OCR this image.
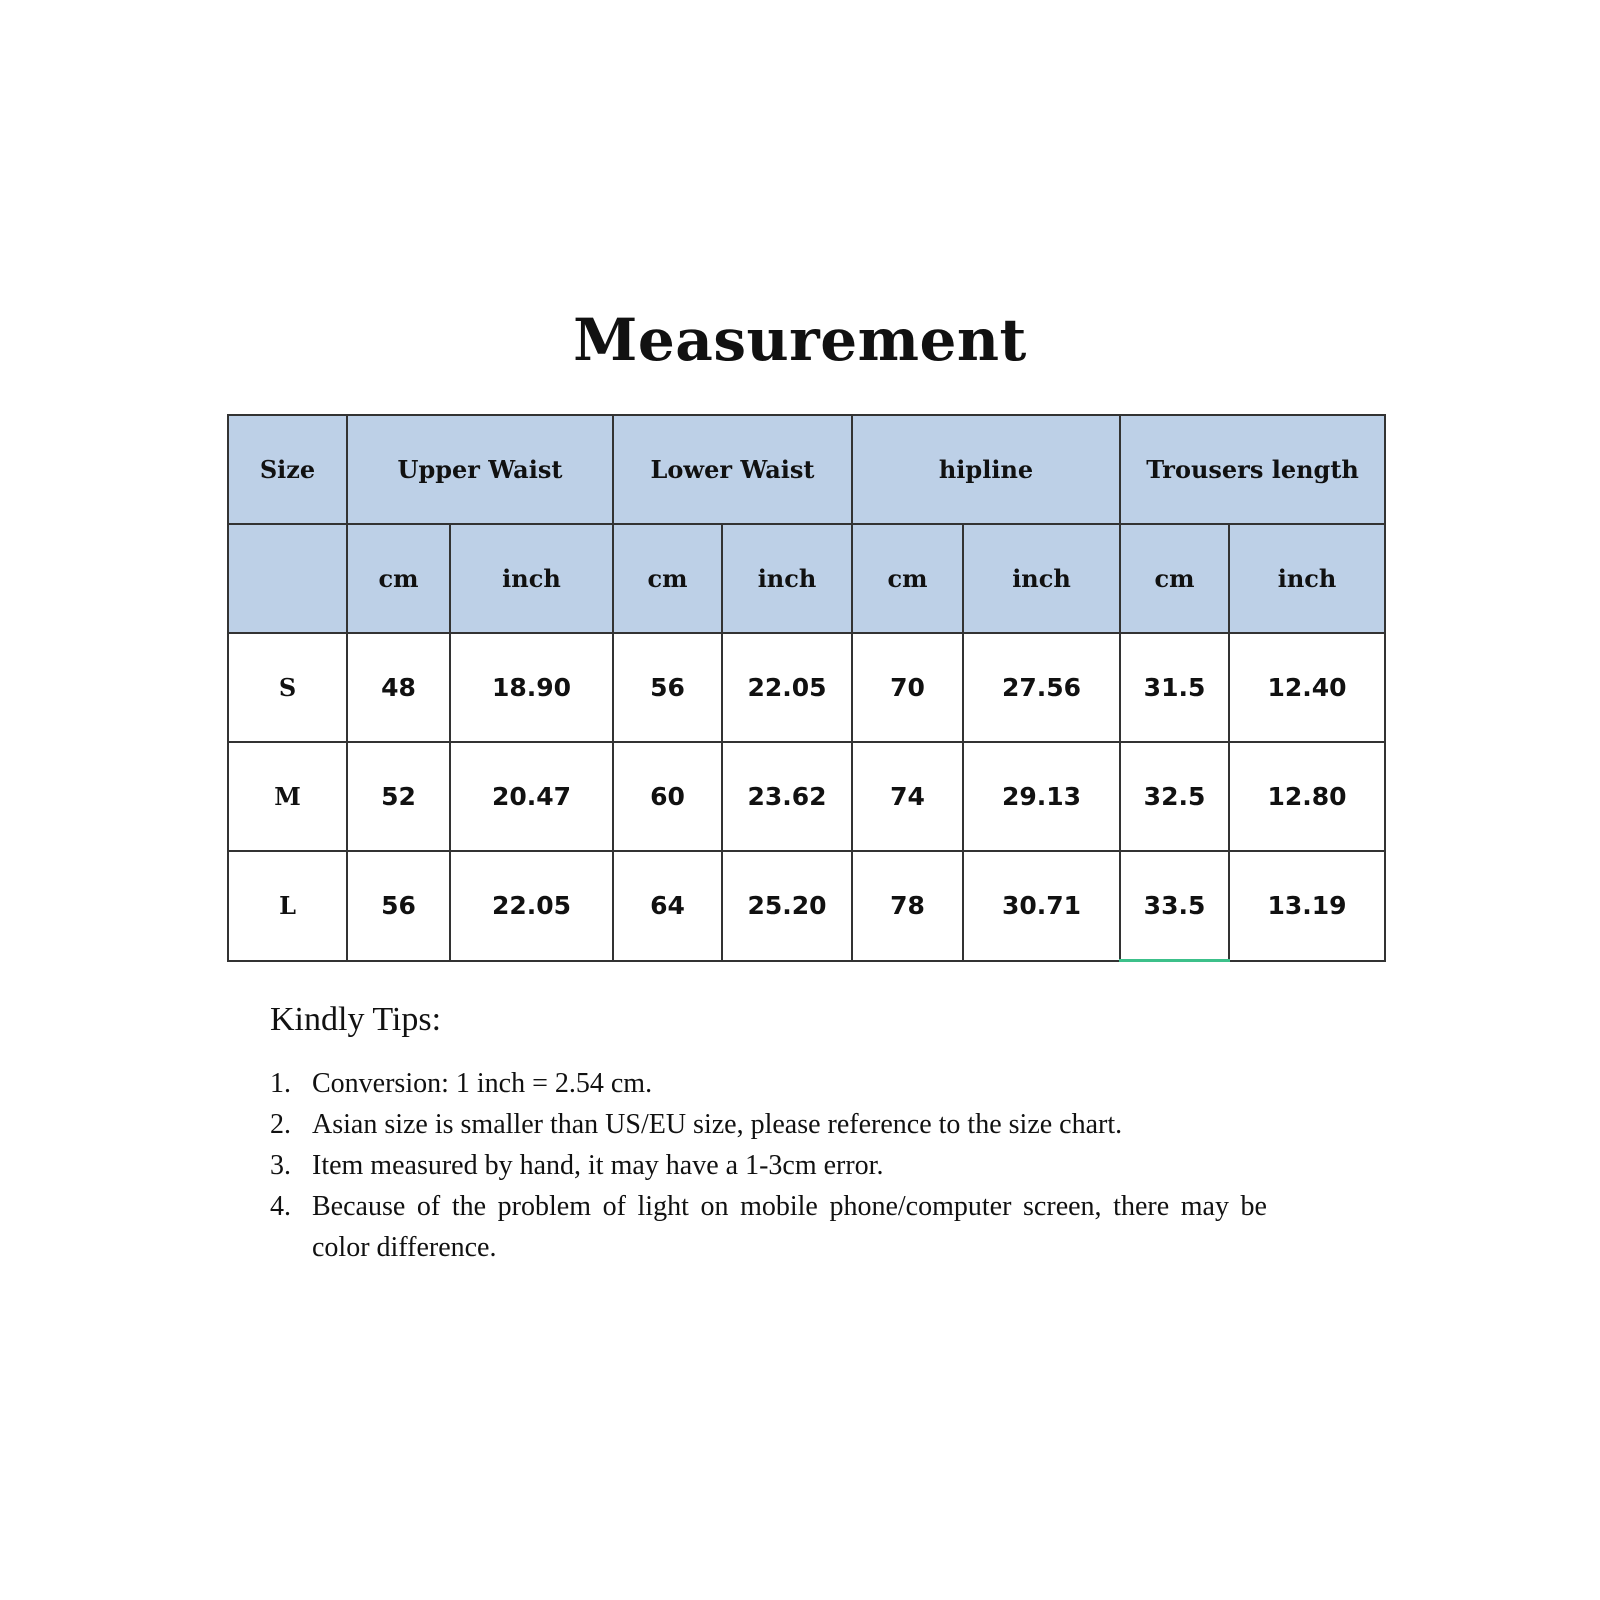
Measurement
Size	Upper Waist		Lower Waist		hipline		Trousers length	
	cm	inch	cm	inch	cm	inch	cm	inch
S	48	18.90	56	22.05	70	27.56	31.5	12.40
M	52	20.47	60	23.62	74	29.13	32.5	12.80
L	56	22.05	64	25.20	78	30.71	33.5	13.19

Kindly Tips:

1. Conversion: 1 inch = 2.54 cm.
2. Asian size is smaller than US/EU size, please reference to the size chart.
3. Item measured by hand, it may have a 1-3cm error.
4. Because of the problem of light on mobile phone/computer screen, there may be color difference.
